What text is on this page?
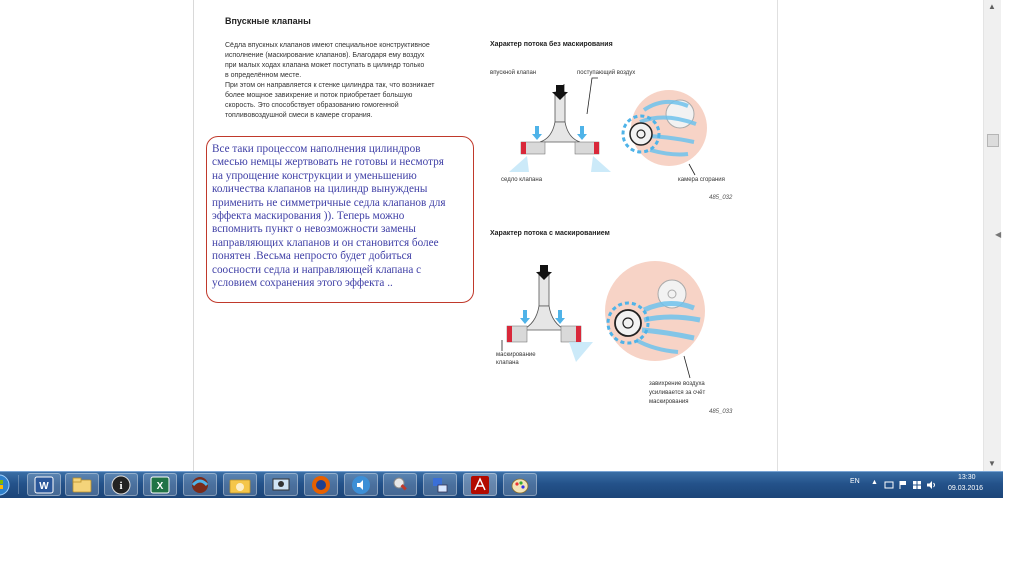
Впускные клапаны
Сёдла впускных клапанов имеют специальное конструктивное
исполнение (маскирование клапанов). Благодаря ему воздух
при малых ходах клапана может поступать в цилиндр только
в определённом месте.
При этом он направляется к стенке цилиндра так, что возникает
более мощное завихрение и поток приобретает большую
скорость. Это способствует образованию гомогенной
топливовоздушной смеси в камере сгорания.
Характер потока без маскирования
впускной клапан	поступающий воздух
седло клапана	камера сгорания
485_032
Характер потока с маскированием
маскирование
клапана
завихрение воздуха
усиливается за счёт
маскирования
485_033
Все таки процессом наполнения цилиндров
смесью немцы жертвовать не готовы и несмотря
на упрощение конструкции и уменьшению
количества клапанов на цилиндр вынуждены
применить не симметричные седла клапанов для
эффекта маскирования )). Теперь можно
вспомнить пункт о невозможности замены
направляющих клапанов и он становится более
понятен .Весьма непросто будет добиться
соосности седла и направляющей клапана с
условием сохранения этого эффекта ..
▲
▼
◀
W	i	X	EN ▲
13:30
09.03.2016
